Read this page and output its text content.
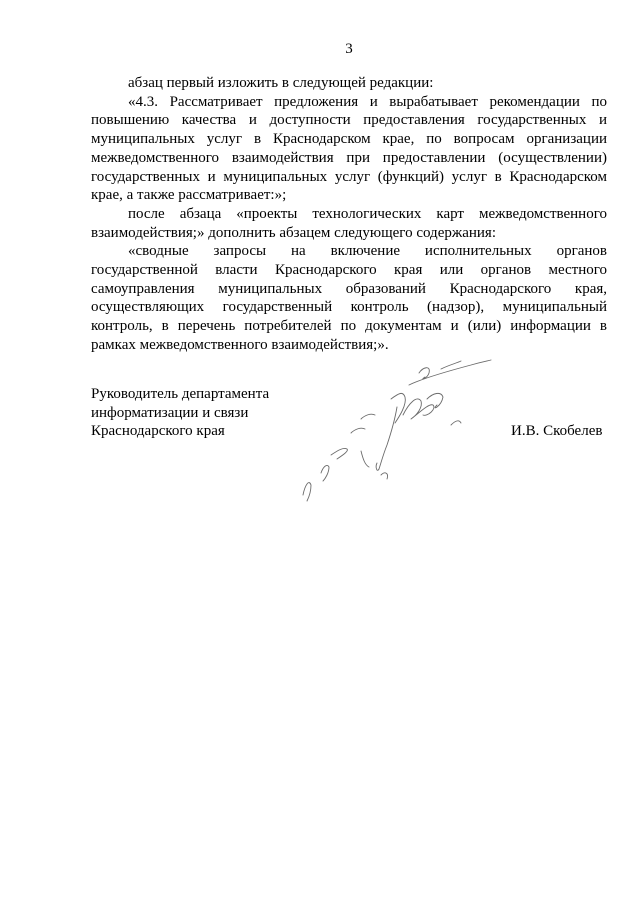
3

абзац первый изложить в следующей редакции:

«4.3. Рассматривает предложения и вырабатывает рекомендации по повышению качества и доступности предоставления государственных и муниципальных услуг в Краснодарском крае, по вопросам организации межведомственного взаимодействия при предоставлении (осуществлении) государственных и муниципальных услуг (функций) услуг в Краснодарском крае, а также рассматривает:»;

после абзаца «проекты технологических карт межведомственного взаимодействия;» дополнить абзацем следующего содержания:

«сводные запросы на включение исполнительных органов государственной власти Краснодарского края или органов местного самоуправления муниципальных образований Краснодарского края, осуществляющих государственный контроль (надзор), муниципальный контроль, в перечень потребителей по документам и (или) информации в рамках межведомственного взаимодействия;».

Руководитель департамента
информатизации и связи
Краснодарского края	И.В. Скобелев
